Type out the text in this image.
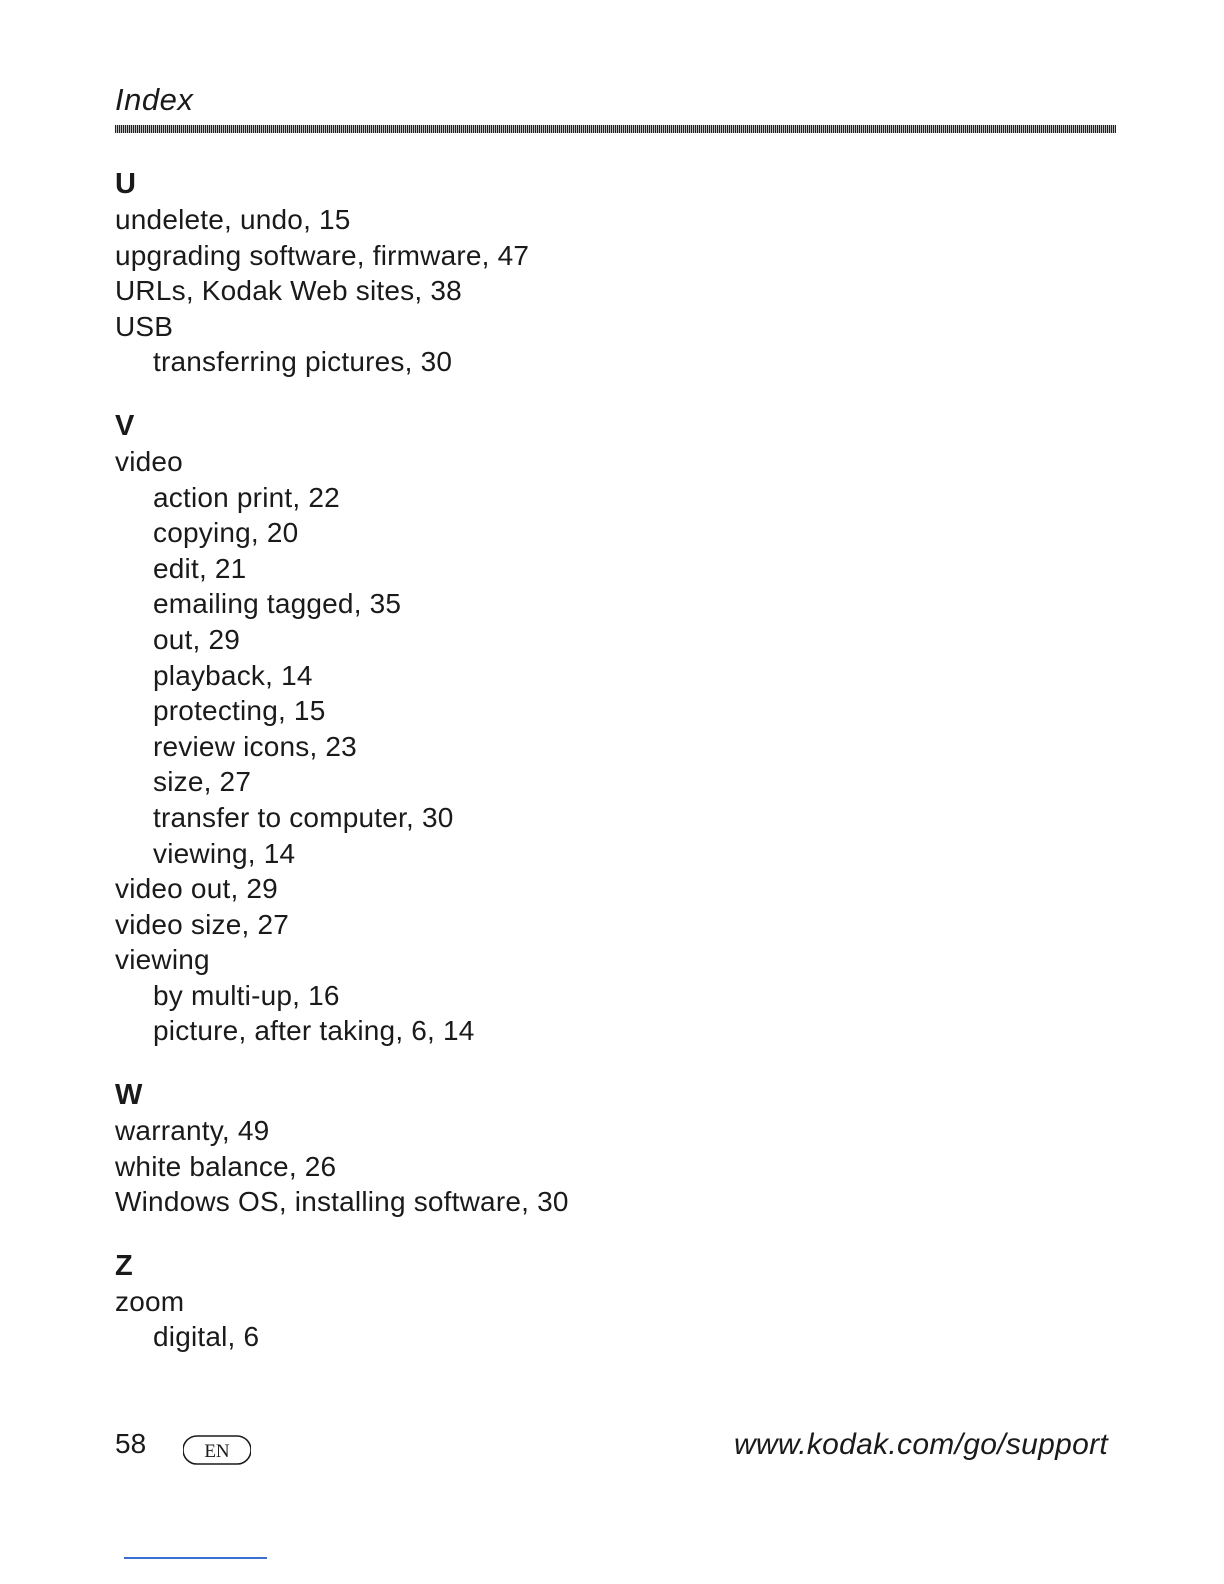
Index
U
undelete, undo, 15
upgrading software, firmware, 47
URLs, Kodak Web sites, 38
USB
transferring pictures, 30
V
video
action print, 22
copying, 20
edit, 21
emailing tagged, 35
out, 29
playback, 14
protecting, 15
review icons, 23
size, 27
transfer to computer, 30
viewing, 14
video out, 29
video size, 27
viewing
by multi-up, 16
picture, after taking, 6, 14
W
warranty, 49
white balance, 26
Windows OS, installing software, 30
Z
zoom
digital, 6
58	EN	www.kodak.com/go/support
